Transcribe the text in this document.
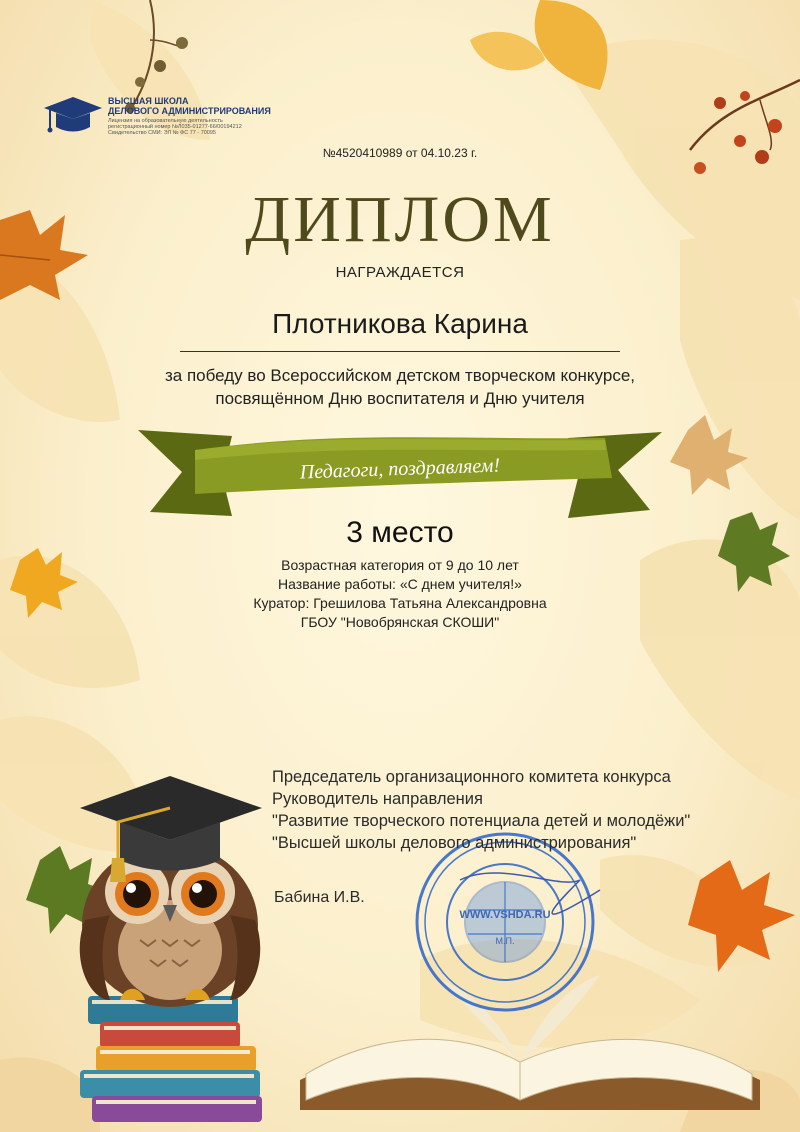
WWW.VSHDA.RU
М.П.
ВЫСШАЯ ШКОЛА
ДЕЛОВОГО АДМИНИСТРИРОВАНИЯ
Лицензия на образовательную деятельность
регистрационный номер №Л035-01277-66/00194212
Свидетельство СМИ: ЭЛ № ФС 77 - 70095
№4520410989 от 04.10.23 г.
ДИПЛОМ
НАГРАЖДАЕТСЯ
Плотникова Карина
за победу во Всероссийском детском творческом конкурсе,
посвящённом Дню воспитателя и Дню учителя
Педагоги, поздравляем!
3 место
Возрастная категория от 9 до 10 лет
Название работы: «С днем учителя!»
Куратор: Грешилова Татьяна Александровна
ГБОУ "Новобрянская СКОШИ"
Председатель организационного комитета конкурса
Руководитель направления
"Развитие творческого потенциала детей и молодёжи"
"Высшей школы делового администрирования"
Бабина И.В.
